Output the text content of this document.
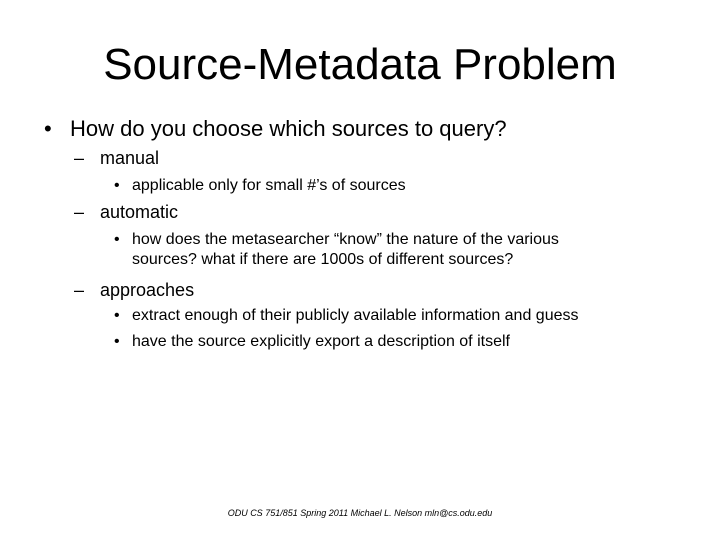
Source-Metadata Problem
• How do you choose which sources to query?
– manual
• applicable only for small #’s of sources
– automatic
• how does the metasearcher “know” the nature of the various
sources? what if there are 1000s of different sources?
– approaches
• extract enough of their publicly available information and guess
• have the source explicitly export a description of itself
ODU CS 751/851 Spring 2011 Michael L. Nelson mln@cs.odu.edu
